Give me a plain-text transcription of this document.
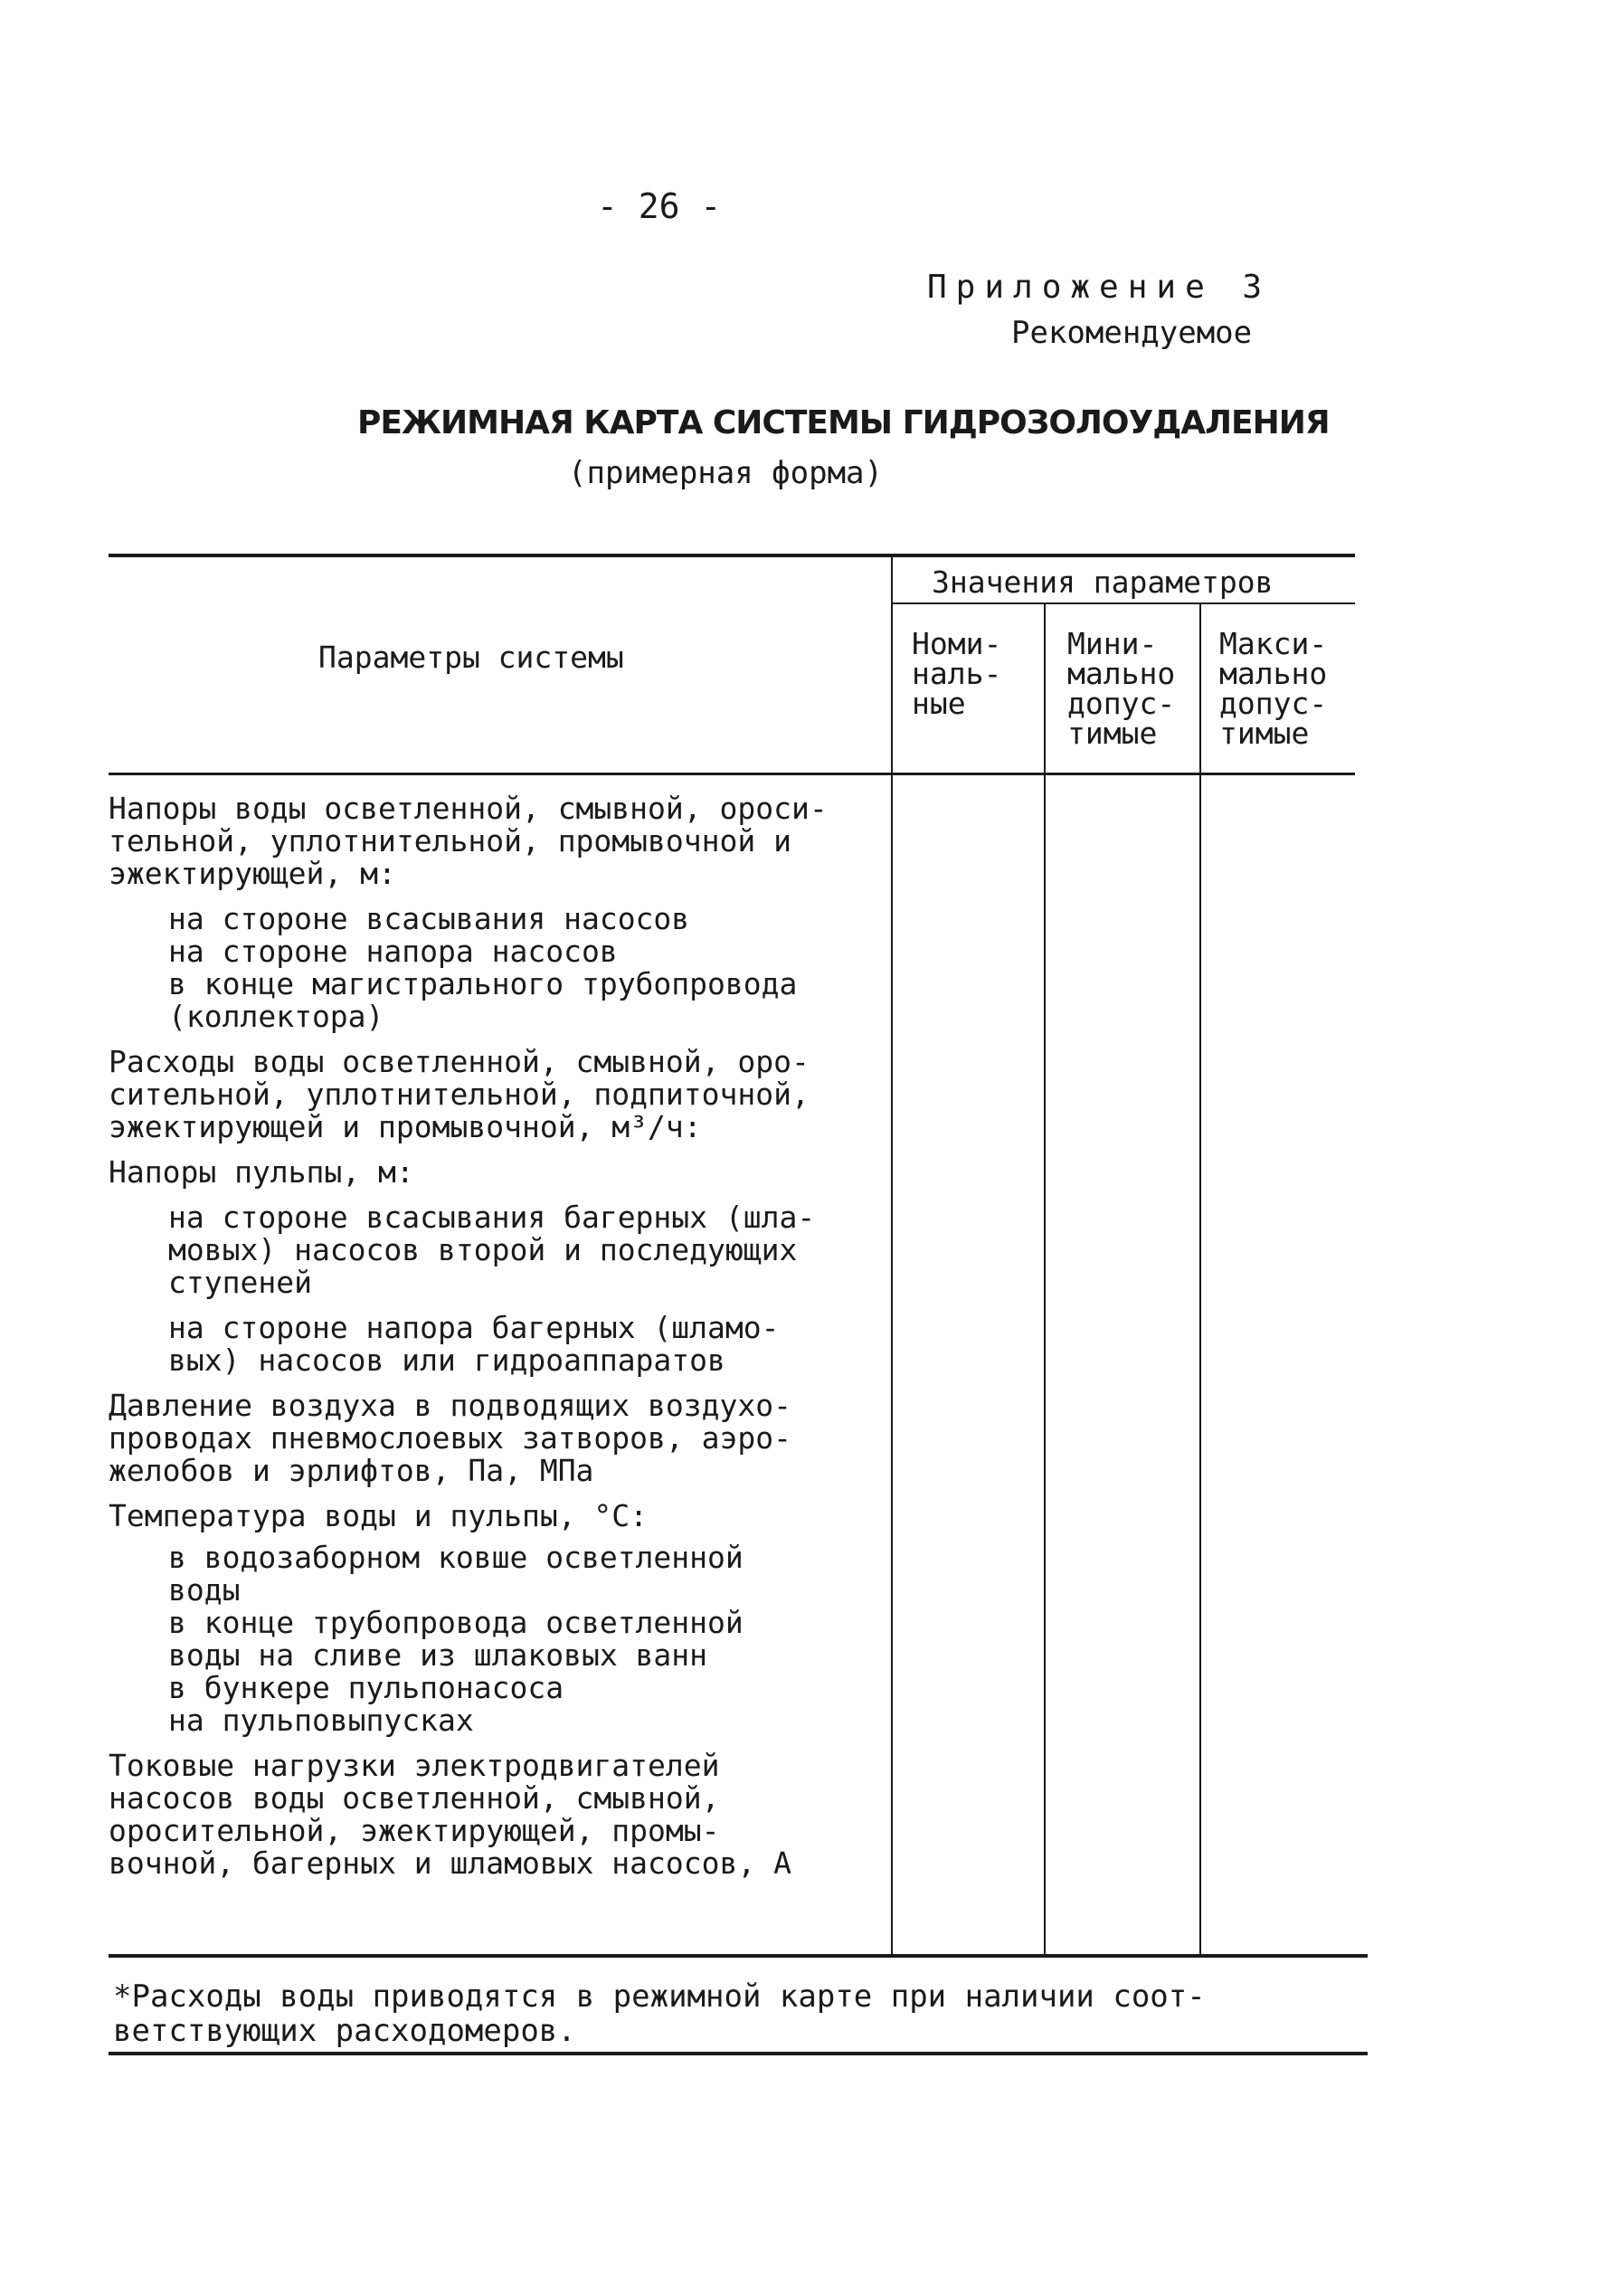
- 26 -
Приложение 3
Рекомендуемое
РЕЖИМНАЯ КАРТА СИСТЕМЫ ГИДРОЗОЛОУДАЛЕНИЯ
(примерная форма)
Параметры системы
Значения параметров
Номи-
наль-
ные
Мини-
мально
допус-
тимые
Макси-
мально
допус-
тимые
Напоры воды осветленной, смывной, ороси-
тельной, уплотнительной, промывочной и
эжектирующей, м:
на стороне всасывания насосов
на стороне напора насосов
в конце магистрального трубопровода
(коллектора)
Расходы воды осветленной, смывной, оро-
сительной, уплотнительной, подпиточной,
эжектирующей и промывочной, м³/ч:
Напоры пульпы, м:
на стороне всасывания багерных (шла-
мовых) насосов второй и последующих
ступеней
на стороне напора багерных (шламо-
вых) насосов или гидроаппаратов
Давление воздуха в подводящих воздухо-
проводах пневмослоевых затворов, аэро-
желобов и эрлифтов, Па, МПа
Температура воды и пульпы, °С:
в водозаборном ковше осветленной
воды
в конце трубопровода осветленной
воды на сливе из шлаковых ванн
в бункере пульпонасоса
на пульповыпусках
Токовые нагрузки электродвигателей
насосов воды осветленной, смывной,
оросительной, эжектирующей, промы-
вочной, багерных и шламовых насосов, А
*Расходы воды приводятся в режимной карте при наличии соот-
ветствующих расходомеров.
